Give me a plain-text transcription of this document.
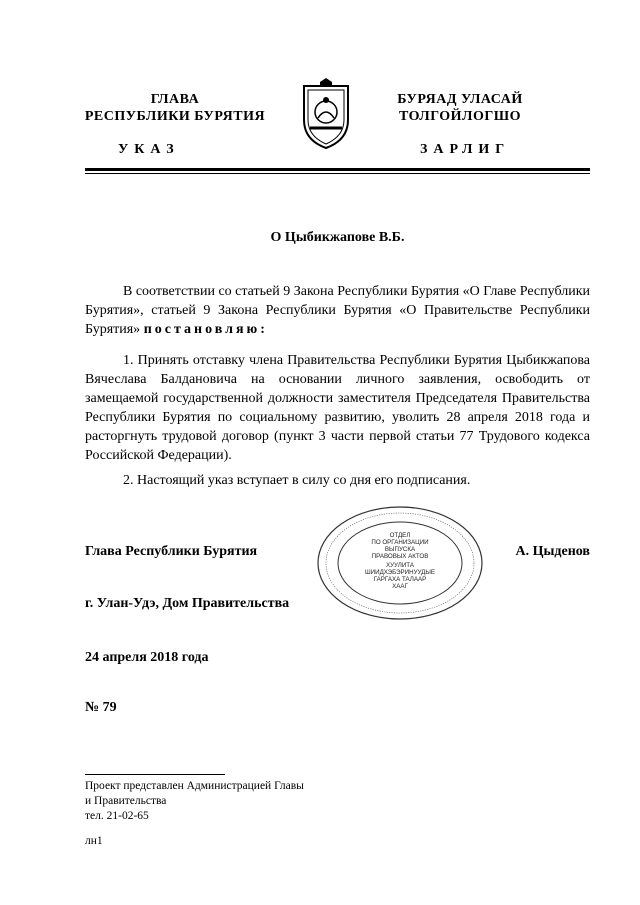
ГЛАВА
РЕСПУБЛИКИ БУРЯТИЯ
БУРЯАД УЛАСАЙ
ТОЛГОЙЛОГШО
УКАЗ	ЗАРЛИГ
О Цыбикжапове В.Б.
В соответствии со статьей 9 Закона Республики Бурятия «О Главе Республики Бурятия», статьей 9 Закона Республики Бурятия «О Правительстве Республики Бурятия» постановляю:
1. Принять отставку члена Правительства Республики Бурятия Цыбикжапова Вячеслава Балдановича на основании личного заявления, освободить от замещаемой государственной должности заместителя Председателя Правительства Республики Бурятия по социальному развитию, уволить 28 апреля 2018 года и расторгнуть трудовой договор (пункт 3 части первой статьи 77 Трудового кодекса Российской Федерации).
2. Настоящий указ вступает в силу со дня его подписания.
ОТДЕЛ
ПО ОРГАНИЗАЦИИ
ВЫПУСКА
ПРАВОВЫХ АКТОВ
ХУУЛИТА
ШИИДХЭБЭРИНУУДЫЕ
ГАРГАХА ТАЛААР
ХААГ
Глава Республики Бурятия	А. Цыденов
г. Улан-Удэ, Дом Правительства
24 апреля 2018 года
№ 79
Проект представлен Администрацией Главы
и Правительства
тел. 21-02-65
лн1
